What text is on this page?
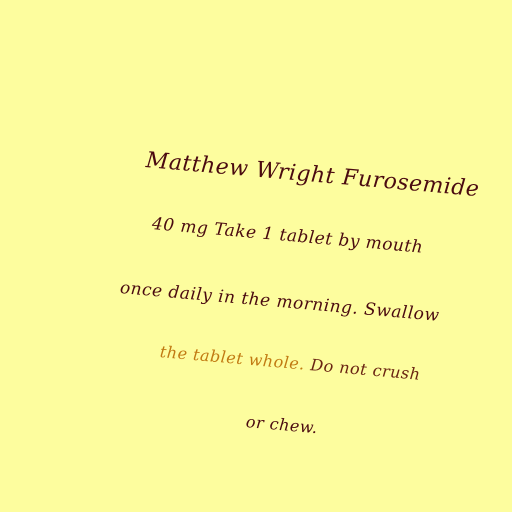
Matthew Wright Furosemide
40 mg Take 1 tablet by mouth
once daily in the morning. Swallow
the tablet whole. Do not crush
or chew.
